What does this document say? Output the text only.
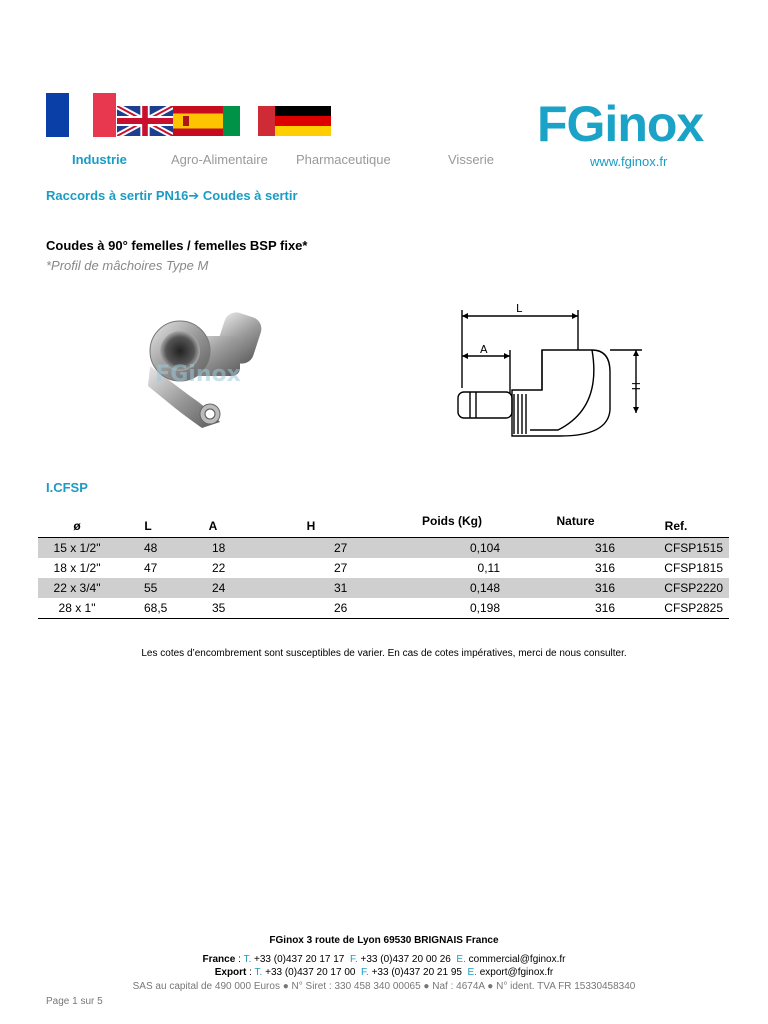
FGinox
Industrie	Agro-Alimentaire Pharmaceutique	Visserie	www.fginox.fr
Raccords à sertir PN16➔ Coudes à sertir
Coudes à 90° femelles / femelles BSP fixe*
*Profil de mâchoires Type M
FGinox
L
A
H
I.CFSP
ø	L	A	H	Poids (Kg)	Nature	Ref.
15 x 1/2"	48	18	27	0,104	316	CFSP1515
18 x 1/2"	47	22	27	0,11	316	CFSP1815
22 x 3/4"	55	24	31	0,148	316	CFSP2220
28 x 1"	68,5	35	26	0,198	316	CFSP2825
Les cotes d’encombrement sont susceptibles de varier. En cas de cotes impératives, merci de nous consulter.
FGinox 3 route de Lyon 69530 BRIGNAIS France
France : T. +33 (0)437 20 17 17 F. +33 (0)437 20 00 26 E. commercial@fginox.fr
Export : T. +33 (0)437 20 17 00 F. +33 (0)437 20 21 95 E. export@fginox.fr
SAS au capital de 490 000 Euros ● N° Siret : 330 458 340 00065 ● Naf : 4674A ● N° ident. TVA FR 15330458340
Page 1 sur 5
